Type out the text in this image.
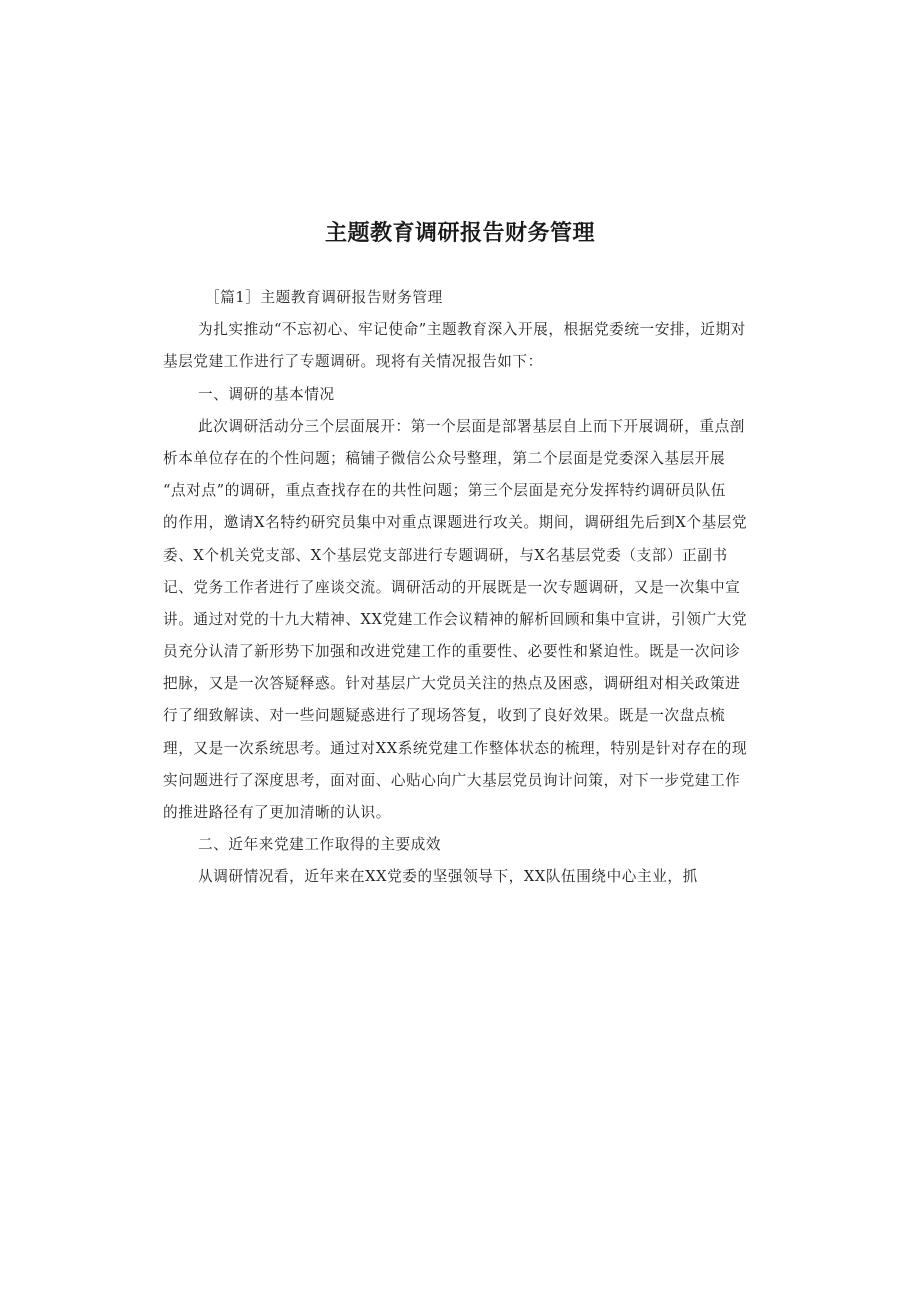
主题教育调研报告财务管理
［篇1］主题教育调研报告财务管理
为扎实推动“不忘初心、牢记使命”主题教育深入开展，根据党委统一安排，近期对
基层党建工作进行了专题调研。现将有关情况报告如下：
一、调研的基本情况
此次调研活动分三个层面展开：第一个层面是部署基层自上而下开展调研，重点剖
析本单位存在的个性问题；稿铺子微信公众号整理，第二个层面是党委深入基层开展
“点对点”的调研，重点查找存在的共性问题；第三个层面是充分发挥特约调研员队伍
的作用，邀请X名特约研究员集中对重点课题进行攻关。期间，调研组先后到X个基层党
委、X个机关党支部、X个基层党支部进行专题调研，与X名基层党委（支部）正副书
记、党务工作者进行了座谈交流。调研活动的开展既是一次专题调研，又是一次集中宣
讲。通过对党的十九大精神、XX党建工作会议精神的解析回顾和集中宣讲，引领广大党
员充分认清了新形势下加强和改进党建工作的重要性、必要性和紧迫性。既是一次问诊
把脉，又是一次答疑释惑。针对基层广大党员关注的热点及困惑，调研组对相关政策进
行了细致解读、对一些问题疑惑进行了现场答复，收到了良好效果。既是一次盘点梳
理，又是一次系统思考。通过对XX系统党建工作整体状态的梳理，特别是针对存在的现
实问题进行了深度思考，面对面、心贴心向广大基层党员询计问策，对下一步党建工作
的推进路径有了更加清晰的认识。
二、近年来党建工作取得的主要成效
从调研情况看，近年来在XX党委的坚强领导下，XX队伍围绕中心主业，抓
